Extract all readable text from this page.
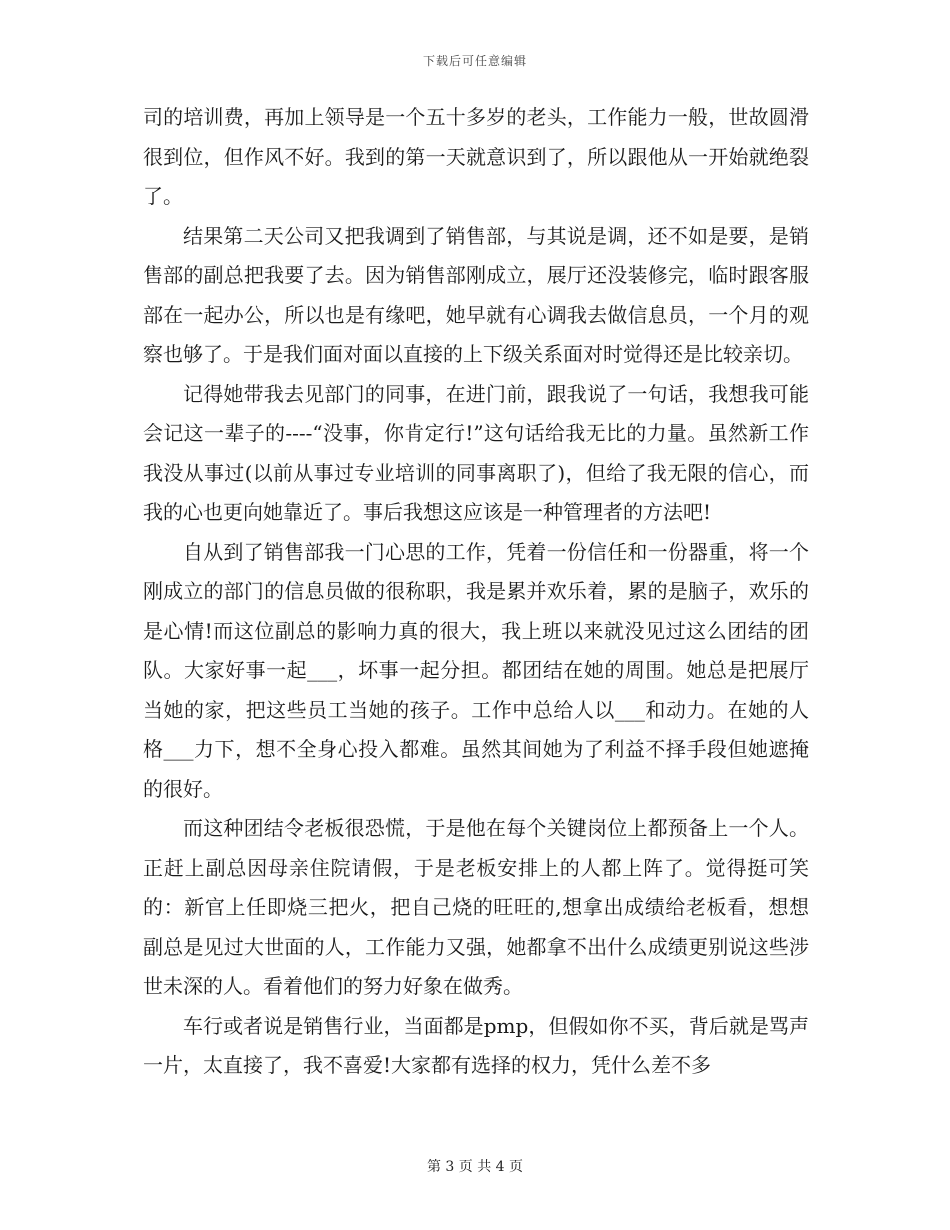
下载后可任意编辑

司的培训费，再加上领导是一个五十多岁的老头，工作能力一般，世故圆滑很到位，但作风不好。我到的第一天就意识到了，所以跟他从一开始就绝裂了。

结果第二天公司又把我调到了销售部，与其说是调，还不如是要，是销售部的副总把我要了去。因为销售部刚成立，展厅还没装修完，临时跟客服部在一起办公，所以也是有缘吧，她早就有心调我去做信息员，一个月的观察也够了。于是我们面对面以直接的上下级关系面对时觉得还是比较亲切。

记得她带我去见部门的同事，在进门前，跟我说了一句话，我想我可能会记这一辈子的----“没事，你肯定行!”这句话给我无比的力量。虽然新工作我没从事过(以前从事过专业培训的同事离职了)，但给了我无限的信心，而我的心也更向她靠近了。事后我想这应该是一种管理者的方法吧!

自从到了销售部我一门心思的工作，凭着一份信任和一份器重，将一个刚成立的部门的信息员做的很称职，我是累并欢乐着，累的是脑子，欢乐的是心情!而这位副总的影响力真的很大，我上班以来就没见过这么团结的团队。大家好事一起___，坏事一起分担。都团结在她的周围。她总是把展厅当她的家，把这些员工当她的孩子。工作中总给人以___和动力。在她的人格___力下，想不全身心投入都难。虽然其间她为了利益不择手段但她遮掩的很好。

而这种团结令老板很恐慌，于是他在每个关键岗位上都预备上一个人。正赶上副总因母亲住院请假，于是老板安排上的人都上阵了。觉得挺可笑的：新官上任即烧三把火，把自己烧的旺旺的,想拿出成绩给老板看，想想副总是见过大世面的人，工作能力又强，她都拿不出什么成绩更别说这些涉世未深的人。看着他们的努力好象在做秀。

车行或者说是销售行业，当面都是pmp，但假如你不买，背后就是骂声一片，太直接了，我不喜爱!大家都有选择的权力，凭什么差不多

第 3 页 共 4 页
